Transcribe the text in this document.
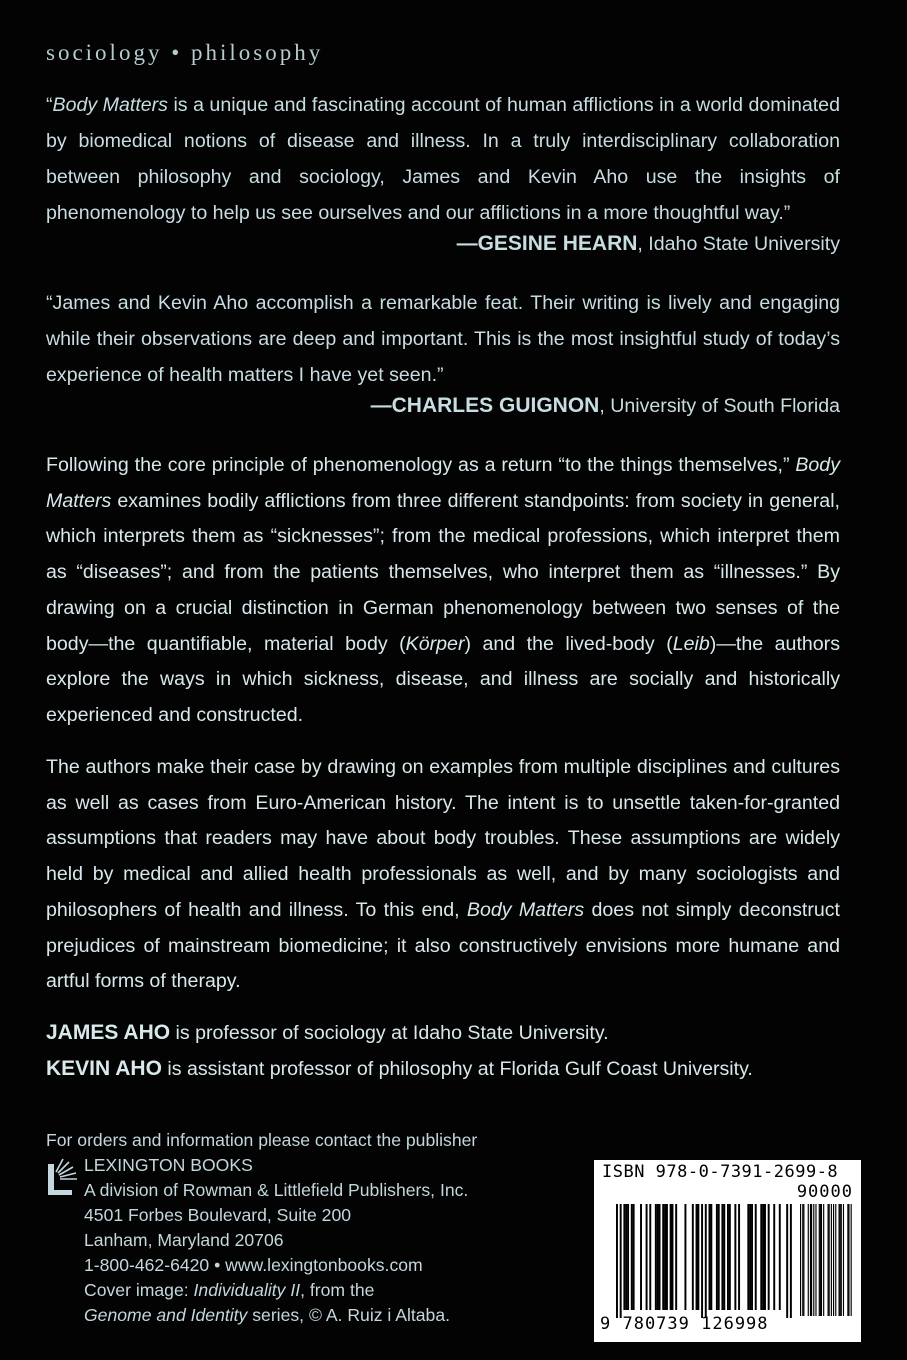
sociology • philosophy

“Body Matters is a unique and fascinating account of human afflictions in a world dominated by biomedical notions of disease and illness. In a truly interdisciplinary collaboration between philosophy and sociology, James and Kevin Aho use the insights of phenomenology to help us see ourselves and our afflictions in a more thoughtful way.”

—GESINE HEARN, Idaho State University

“James and Kevin Aho accomplish a remarkable feat. Their writing is lively and engaging while their observations are deep and important. This is the most insightful study of today’s experience of health matters I have yet seen.”

—CHARLES GUIGNON, University of South Florida

Following the core principle of phenomenology as a return “to the things themselves,” Body Matters examines bodily afflictions from three different standpoints: from society in general, which interprets them as “sicknesses”; from the medical professions, which interpret them as “diseases”; and from the patients themselves, who interpret them as “illnesses.” By drawing on a crucial distinction in German phenomenology between two senses of the body—the quantifiable, material body (Körper) and the lived-body (Leib)—the authors explore the ways in which sickness, disease, and illness are socially and historically experienced and constructed.

The authors make their case by drawing on examples from multiple disciplines and cultures as well as cases from Euro-American history. The intent is to unsettle taken-for-granted assumptions that readers may have about body troubles. These assumptions are widely held by medical and allied health professionals as well, and by many sociologists and philosophers of health and illness. To this end, Body Matters does not simply deconstruct prejudices of mainstream biomedicine; it also constructively envisions more humane and artful forms of therapy.

JAMES AHO is professor of sociology at Idaho State University.
KEVIN AHO is assistant professor of philosophy at Florida Gulf Coast University.
For orders and information please contact the publisher
LEXINGTON BOOKS
A division of Rowman & Littlefield Publishers, Inc.
4501 Forbes Boulevard, Suite 200
Lanham, Maryland 20706
1-800-462-6420 • www.lexingtonbooks.com
Cover image: Individuality II, from the
Genome and Identity series, © A. Ruiz i Altaba.
ISBN 978-0-7391-2699-8
90000
9 780739 126998
